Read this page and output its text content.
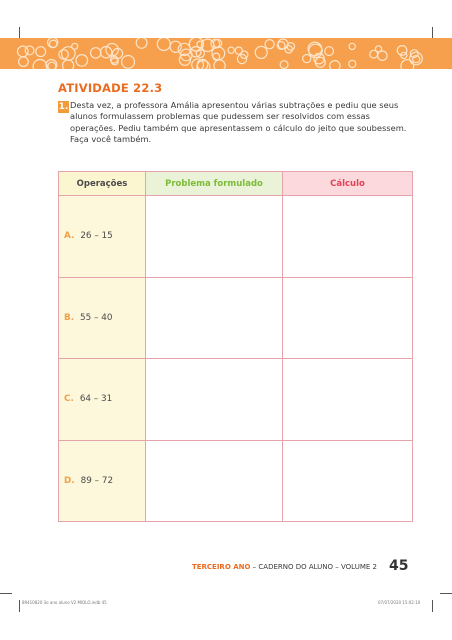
ATIVIDADE 22.3
1. Desta vez, a professora Amália apresentou várias subtrações e pediu que seus alunos formulassem problemas que pudessem ser resolvidos com essas operações. Pediu também que apresentassem o cálculo do jeito que soubessem. Faça você também.

Operações	Problema formulado	Cálculo
A. 26 – 15		
B. 55 – 40		
C. 64 – 31		
D. 89 – 72		
TERCEIRO ANO – CADERNO DO ALUNO – VOLUME 2 45
89410820 3o ano aluno V2 MIOLO.indb 45	07/07/2020 15:02:10
